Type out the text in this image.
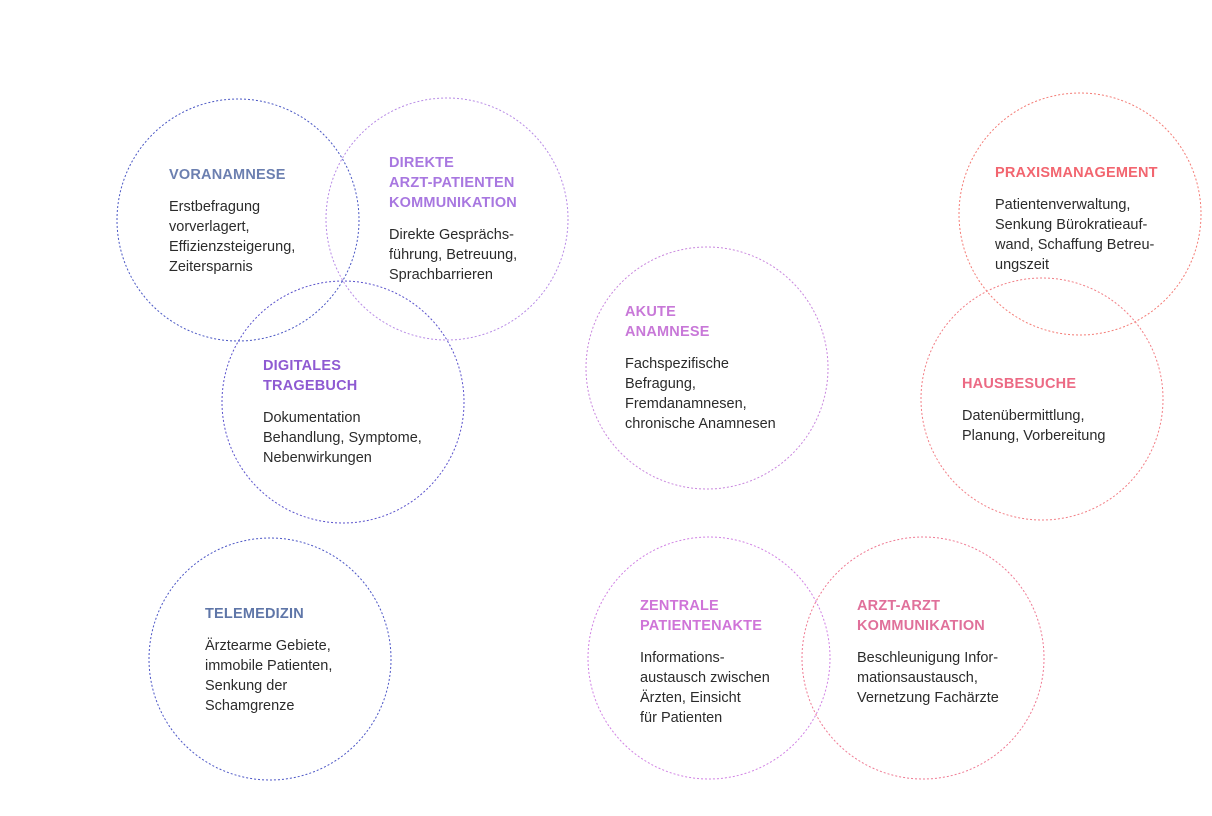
VORANAMNESE
Erstbefragung
vorverlagert,
Effizienzsteigerung,
Zeitersparnis
DIREKTE
ARZT-PATIENTEN
KOMMUNIKATION
Direkte Gesprächs-
führung, Betreuung,
Sprachbarrieren
DIGITALES
TRAGEBUCH
Dokumentation
Behandlung, Symptome,
Nebenwirkungen
TELEMEDIZIN
Ärztearme Gebiete,
immobile Patienten,
Senkung der
Schamgrenze
AKUTE
ANAMNESE
Fachspezifische
Befragung,
Fremdanamnesen,
chronische Anamnesen
ZENTRALE
PATIENTENAKTE
Informations-
austausch zwischen
Ärzten, Einsicht
für Patienten
ARZT-ARZT
KOMMUNIKATION
Beschleunigung Infor-
mationsaustausch,
Vernetzung Fachärzte
PRAXISMANAGEMENT
Patientenverwaltung,
Senkung Bürokratieauf-
wand, Schaffung Betreu-
ungszeit
HAUSBESUCHE
Datenübermittlung,
Planung, Vorbereitung
